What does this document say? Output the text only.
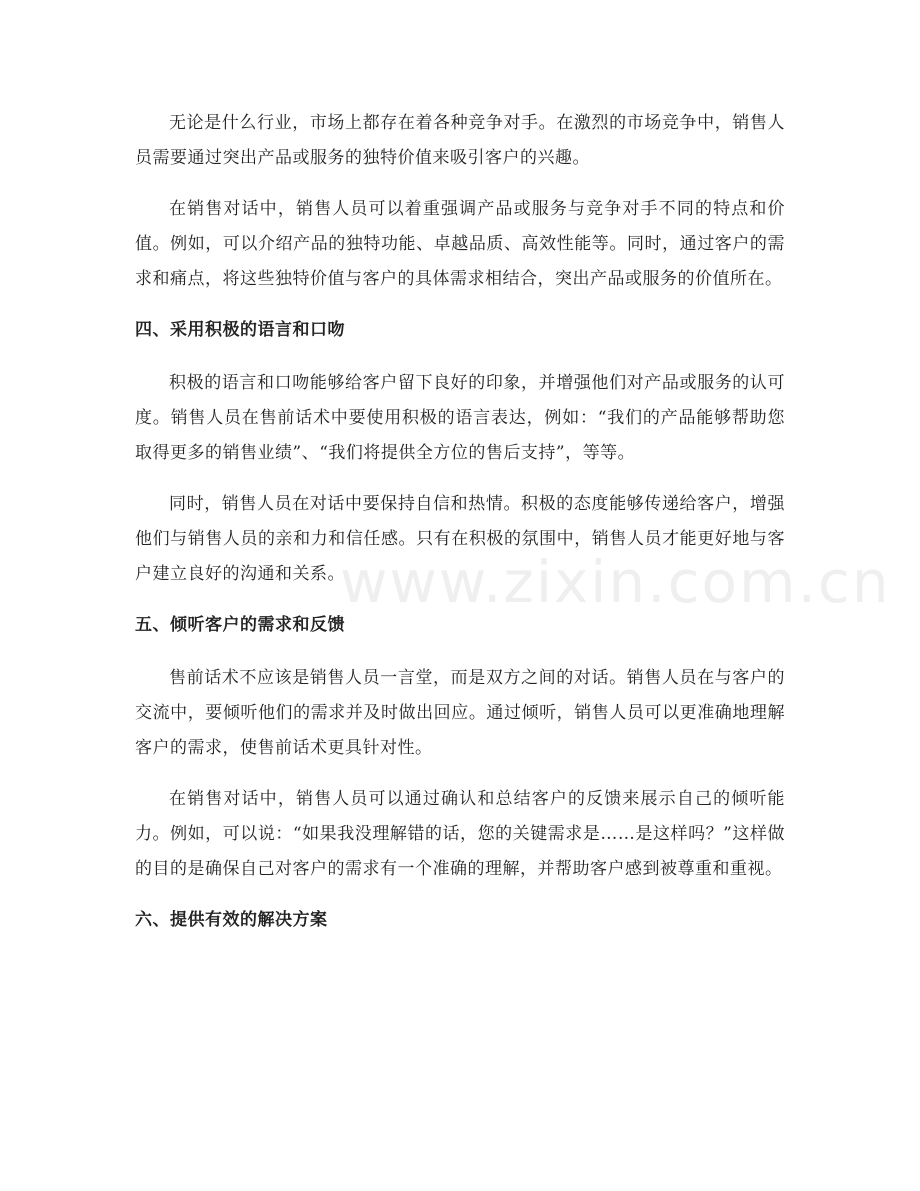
无论是什么行业，市场上都存在着各种竞争对手。在激烈的市场竞争中，销售人员需要通过突出产品或服务的独特价值来吸引客户的兴趣。

在销售对话中，销售人员可以着重强调产品或服务与竞争对手不同的特点和价值。例如，可以介绍产品的独特功能、卓越品质、高效性能等。同时，通过客户的需求和痛点，将这些独特价值与客户的具体需求相结合，突出产品或服务的价值所在。

四、采用积极的语言和口吻

积极的语言和口吻能够给客户留下良好的印象，并增强他们对产品或服务的认可度。销售人员在售前话术中要使用积极的语言表达，例如：“我们的产品能够帮助您取得更多的销售业绩”、“我们将提供全方位的售后支持”，等等。

同时，销售人员在对话中要保持自信和热情。积极的态度能够传递给客户，增强他们与销售人员的亲和力和信任感。只有在积极的氛围中，销售人员才能更好地与客户建立良好的沟通和关系。

五、倾听客户的需求和反馈

售前话术不应该是销售人员一言堂，而是双方之间的对话。销售人员在与客户的交流中，要倾听他们的需求并及时做出回应。通过倾听，销售人员可以更准确地理解客户的需求，使售前话术更具针对性。

在销售对话中，销售人员可以通过确认和总结客户的反馈来展示自己的倾听能力。例如，可以说：“如果我没理解错的话，您的关键需求是……是这样吗？”这样做的目的是确保自己对客户的需求有一个准确的理解，并帮助客户感到被尊重和重视。

六、提供有效的解决方案
www.zixin.com.cn
